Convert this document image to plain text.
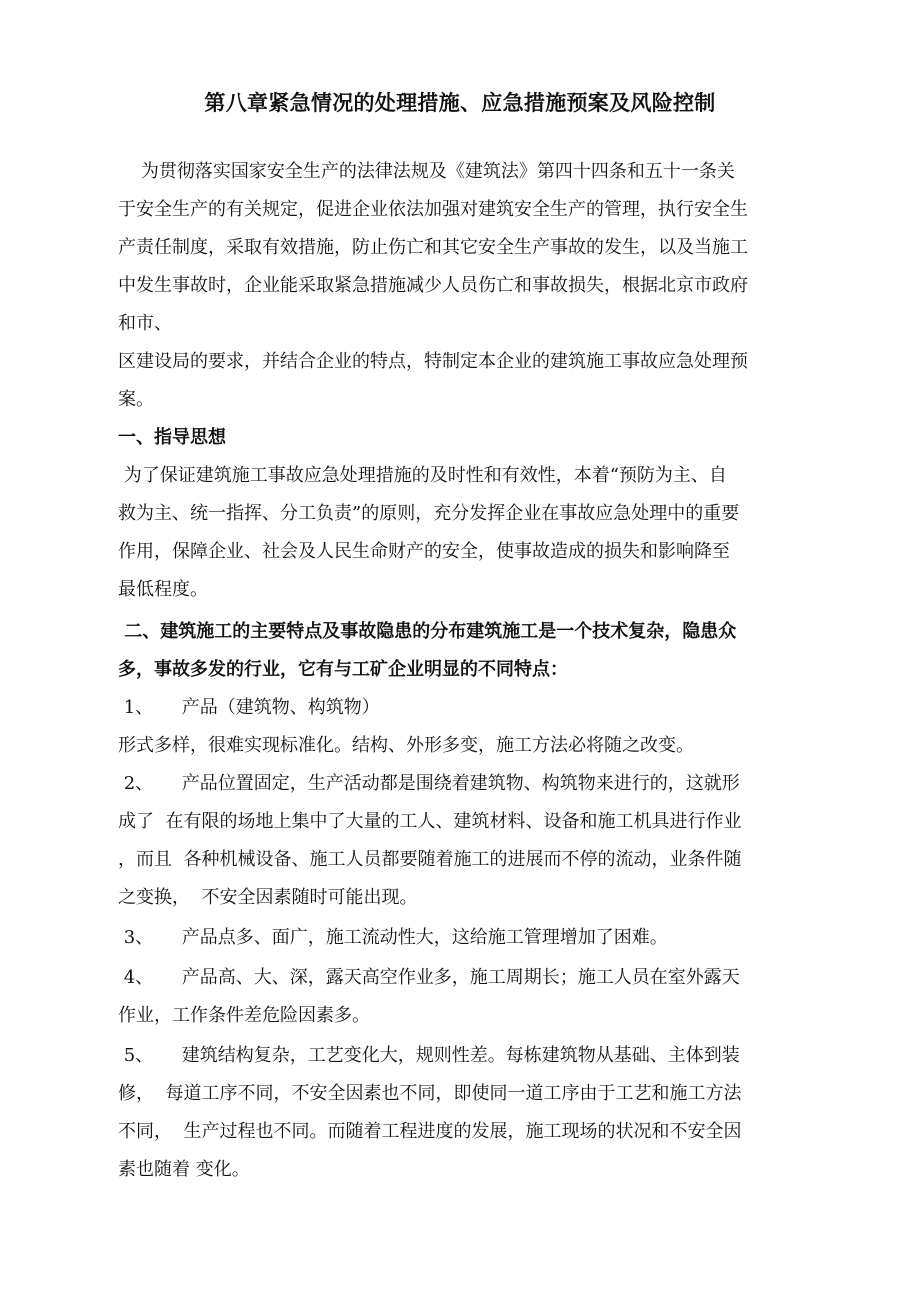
第八章紧急情况的处理措施、应急措施预案及风险控制
为贯彻落实国家安全生产的法律法规及《建筑法》第四十四条和五十一条关
于安全生产的有关规定，促进企业依法加强对建筑安全生产的管理，执行安全生
产责任制度，采取有效措施，防止伤亡和其它安全生产事故的发生，以及当施工
中发生事故时，企业能采取紧急措施减少人员伤亡和事故损失，根据北京市政府
和市、
区建设局的要求，并结合企业的特点，特制定本企业的建筑施工事故应急处理预
案。
一、指导思想
为了保证建筑施工事故应急处理措施的及时性和有效性，本着“预防为主、自
救为主、统一指挥、分工负责”的原则，充分发挥企业在事故应急处理中的重要
作用，保障企业、社会及人民生命财产的安全，使事故造成的损失和影响降至
最低程度。
二、建筑施工的主要特点及事故隐患的分布建筑施工是一个技术复杂，隐患众
多，事故多发的行业，它有与工矿企业明显的不同特点：
1、     产品（建筑物、构筑物）
形式多样，很难实现标准化。结构、外形多变，施工方法必将随之改变。
2、     产品位置固定，生产活动都是围绕着建筑物、构筑物来进行的，这就形
成了  在有限的场地上集中了大量的工人、建筑材料、设备和施工机具进行作业
，而且  各种机械设备、施工人员都要随着施工的进展而不停的流动，业条件随
之变换，  不安全因素随时可能出现。
3、     产品点多、面广，施工流动性大，这给施工管理增加了困难。
4、     产品高、大、深，露天高空作业多，施工周期长；施工人员在室外露天
作业，工作条件差危险因素多。
5、     建筑结构复杂，工艺变化大，规则性差。每栋建筑物从基础、主体到装
修，  每道工序不同，不安全因素也不同，即使同一道工序由于工艺和施工方法
不同，  生产过程也不同。而随着工程进度的发展，施工现场的状况和不安全因
素也随着 变化。
